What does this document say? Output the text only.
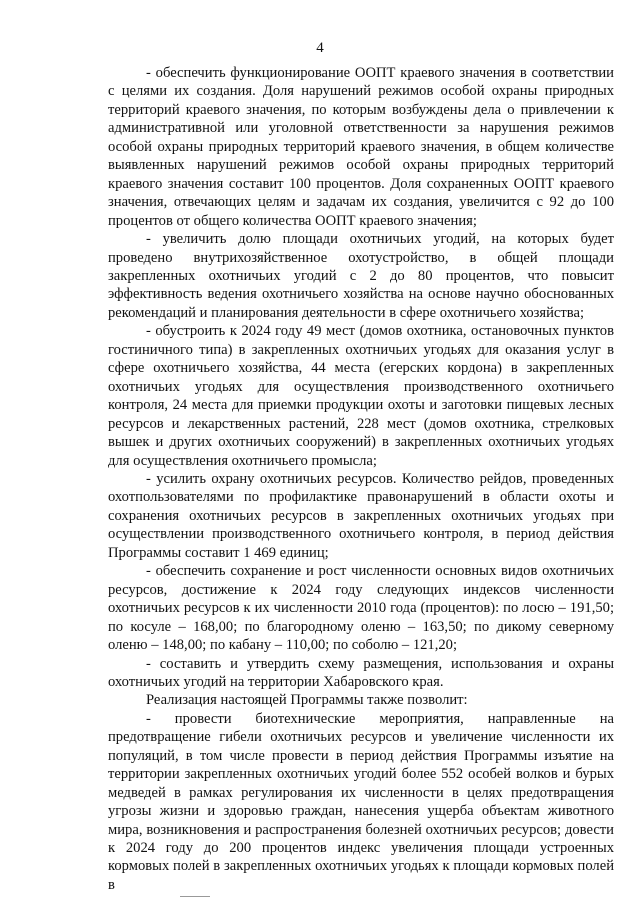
4

- обеспечить функционирование ООПТ краевого значения в соответствии с целями их создания. Доля нарушений режимов особой охраны природных территорий краевого значения, по которым возбуждены дела о привлечении к административной или уголовной ответственности за нарушения режимов особой охраны природных территорий краевого значения, в общем количестве выявленных нарушений режимов особой охраны природных территорий краевого значения составит 100 процентов. Доля сохраненных ООПТ краевого значения, отвечающих целям и задачам их создания, увеличится с 92 до 100 процентов от общего количества ООПТ краевого значения;

- увеличить долю площади охотничьих угодий, на которых будет проведено внутрихозяйственное охотустройство, в общей площади закрепленных охотничьих угодий с 2 до 80 процентов, что повысит эффективность ведения охотничьего хозяйства на основе научно обоснованных рекомендаций и планирования деятельности в сфере охотничьего хозяйства;

- обустроить к 2024 году 49 мест (домов охотника, остановочных пунктов гостиничного типа) в закрепленных охотничьих угодьях для оказания услуг в сфере охотничьего хозяйства, 44 места (егерских кордона) в закрепленных охотничьих угодьях для осуществления производственного охотничьего контроля, 24 места для приемки продукции охоты и заготовки пищевых лесных ресурсов и лекарственных растений, 228 мест (домов охотника, стрелковых вышек и других охотничьих сооружений) в закрепленных охотничьих угодьях для осуществления охотничьего промысла;

- усилить охрану охотничьих ресурсов. Количество рейдов, проведенных охотпользователями по профилактике правонарушений в области охоты и сохранения охотничьих ресурсов в закрепленных охотничьих угодьях при осуществлении производственного охотничьего контроля, в период действия Программы составит 1 469 единиц;

- обеспечить сохранение и рост численности основных видов охотничьих ресурсов, достижение к 2024 году следующих индексов численности охотничьих ресурсов к их численности 2010 года (процентов): по лосю – 191,50; по косуле – 168,00; по благородному оленю – 163,50; по дикому северному оленю – 148,00; по кабану – 110,00; по соболю – 121,20;

- составить и утвердить схему размещения, использования и охраны охотничьих угодий на территории Хабаровского края.

Реализация настоящей Программы также позволит:

- провести биотехнические мероприятия, направленные на предотвращение гибели охотничьих ресурсов и увеличение численности их популяций, в том числе провести в период действия Программы изъятие на территории закрепленных охотничьих угодий более 552 особей волков и бурых медведей в рамках регулирования их численности в целях предотвращения угрозы жизни и здоровью граждан, нанесения ущерба объектам животного мира, возникновения и распространения болезней охотничьих ресурсов; довести к 2024 году до 200 процентов индекс увеличения площади устроенных кормовых полей в закрепленных охотничьих угодьях к площади кормовых полей в
